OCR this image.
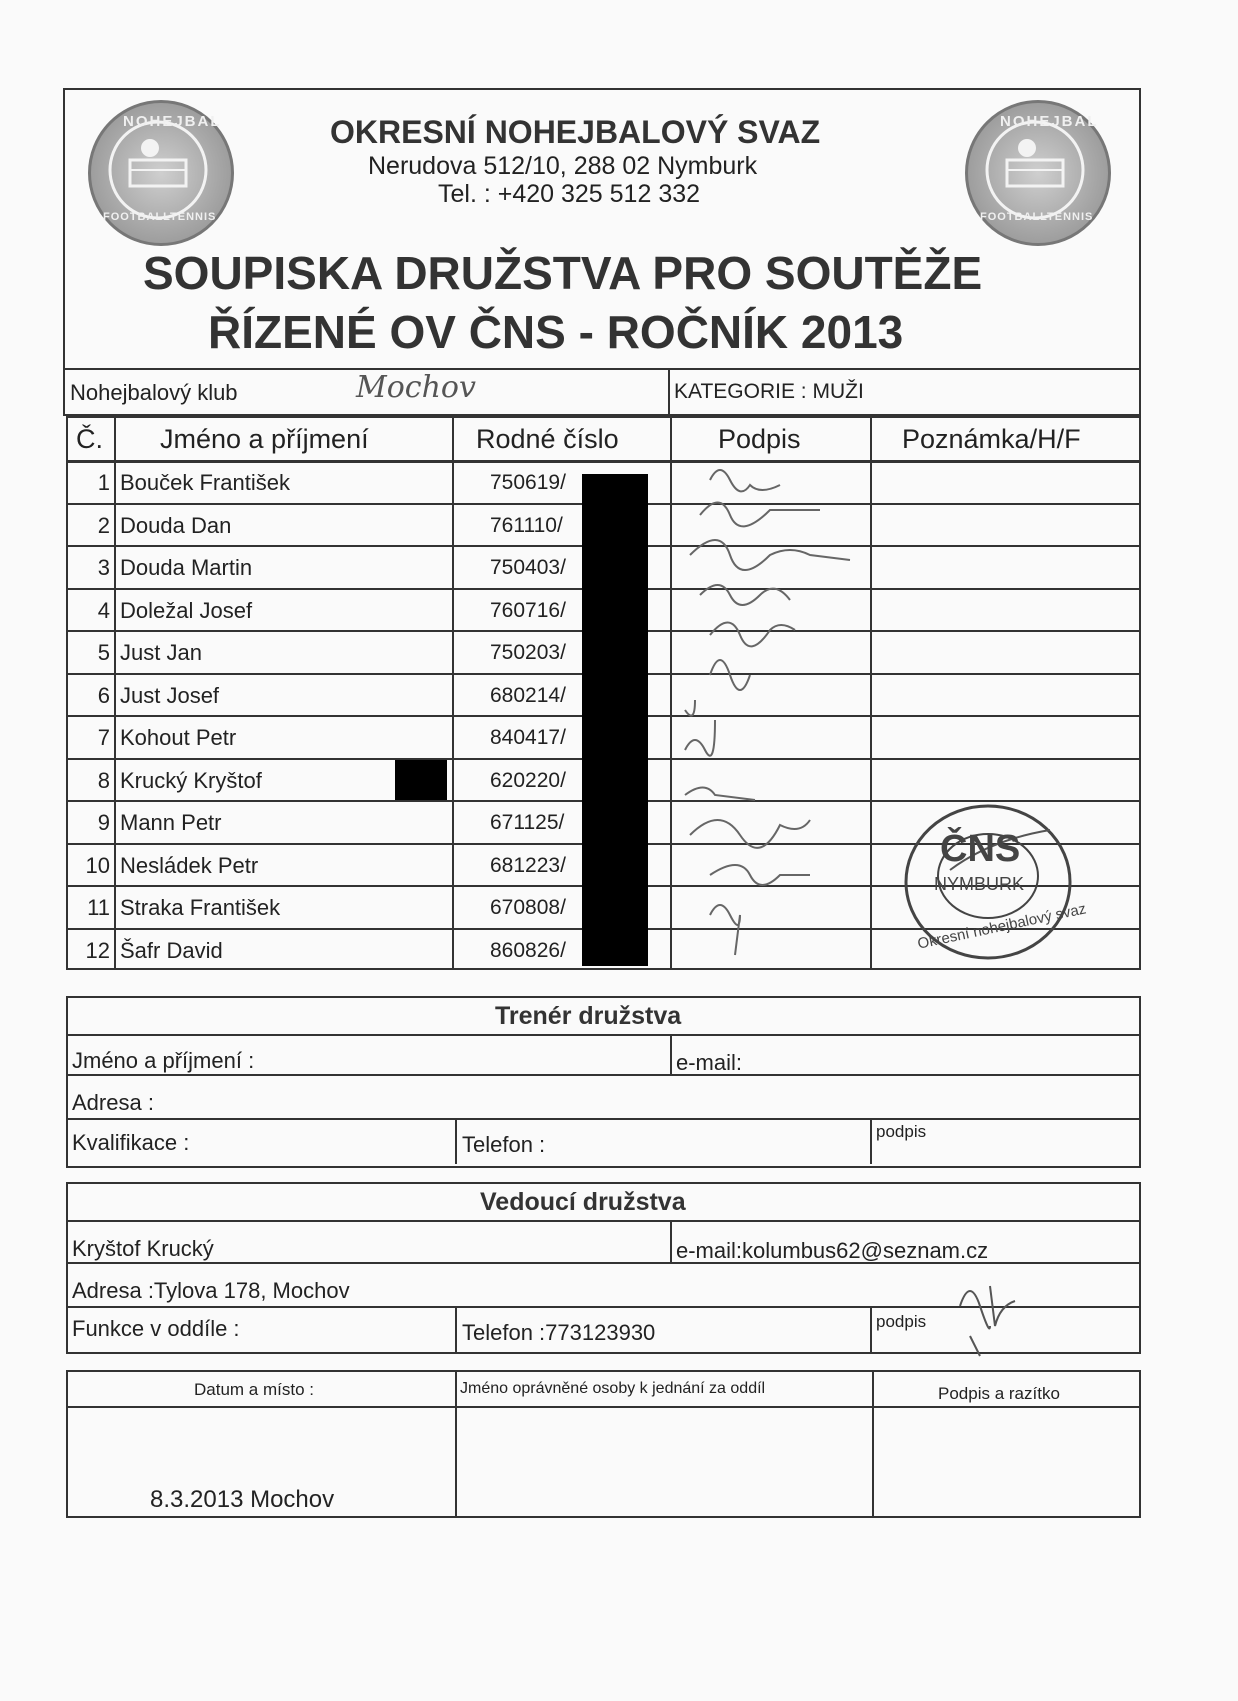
NOHEJBAL
FOOTBALLTENNIS
NOHEJBAL
FOOTBALLTENNIS
OKRESNÍ NOHEJBALOVÝ SVAZ
Nerudova 512/10, 288 02 Nymburk
Tel. : +420 325 512 332
SOUPISKA DRUŽSTVA PRO SOUTĚŽE
ŘÍZENÉ OV ČNS - ROČNÍK 2013
Nohejbalový klub	Mochov	KATEGORIE : MUŽI
Č. Jméno a příjmení	Rodné číslo	Podpis	Poznámka/H/F
1 Bouček František	750619/
2 Douda Dan	761110/
3 Douda Martin	750403/
4 Doležal Josef	760716/
5 Just Jan	750203/
6 Just Josef	680214/
7 Kohout Petr	840417/
8 Krucký Kryštof	620220/
9 Mann Petr	671125/
10 Nesládek Petr	681223/
11 Straka František	670808/
12 Šafr David	860826/
ČNS
NYMBURK
Okresní nohejbalový svaz
Trenér družstva
Jméno a příjmení :	e-mail:
Adresa :
Kvalifikace :	Telefon :
podpis
Vedoucí družstva
Kryštof Krucký	e-mail:kolumbus62@seznam.cz
Adresa :Tylova 178, Mochov
Funkce v oddíle :	Telefon :773123930	podpis
Datum a místo :	Jméno oprávněné osoby k jednání za oddíl	Podpis a razítko
8.3.2013 Mochov
